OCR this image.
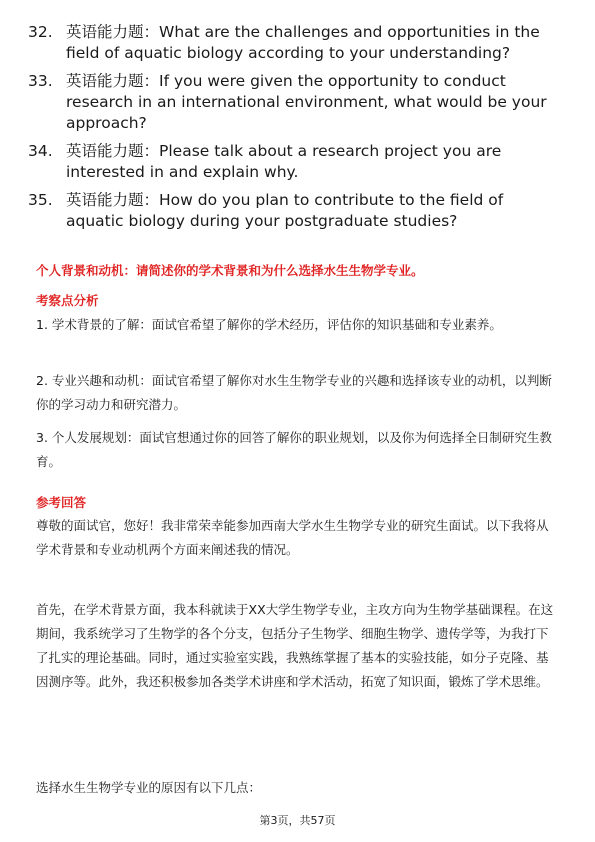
32. 英语能力题：What are the challenges and opportunities in the field of aquatic biology according to your understanding?
33. 英语能力题：If you were given the opportunity to conduct research in an international environment, what would be your approach?
34. 英语能力题：Please talk about a research project you are interested in and explain why.
35. 英语能力题：How do you plan to contribute to the field of aquatic biology during your postgraduate studies?
个人背景和动机：请简述你的学术背景和为什么选择水生生物学专业。
考察点分析
1. 学术背景的了解：面试官希望了解你的学术经历，评估你的知识基础和专业素养。
2. 专业兴趣和动机：面试官希望了解你对水生生物学专业的兴趣和选择该专业的动机，以判断你的学习动力和研究潜力。
3. 个人发展规划：面试官想通过你的回答了解你的职业规划，以及你为何选择全日制研究生教育。
参考回答
尊敬的面试官，您好！我非常荣幸能参加西南大学水生生物学专业的研究生面试。以下我将从学术背景和专业动机两个方面来阐述我的情况。
首先，在学术背景方面，我本科就读于XX大学生物学专业，主攻方向为生物学基础课程。在这期间，我系统学习了生物学的各个分支，包括分子生物学、细胞生物学、遗传学等，为我打下了扎实的理论基础。同时，通过实验室实践，我熟练掌握了基本的实验技能，如分子克隆、基因测序等。此外，我还积极参加各类学术讲座和学术活动，拓宽了知识面，锻炼了学术思维。
选择水生生物学专业的原因有以下几点：
第3页，共57页
